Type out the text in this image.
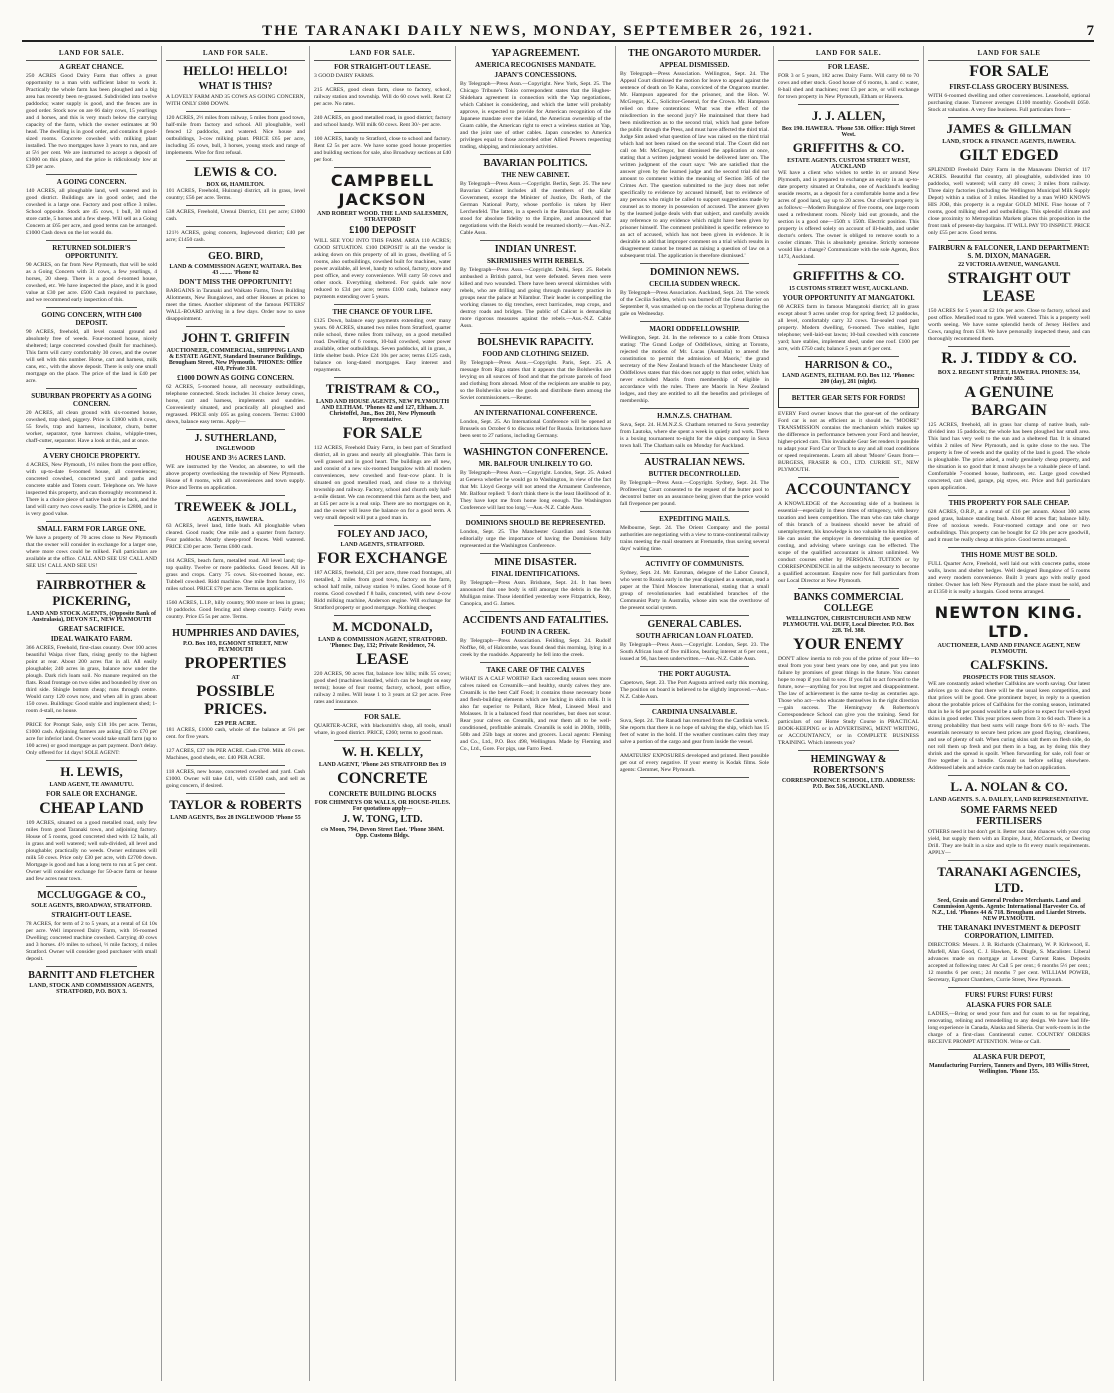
THE TARANAKI DAILY NEWS, MONDAY, SEPTEMBER 26, 1921.	7
LAND FOR SALE.
A GREAT CHANCE.
250 ACRES Good Dairy Farm that offers a great opportunity to a man with sufficient labor to work it. Practically the whole farm has been ploughed and a big area has recently been re-grassed. Subdivided into twelve paddocks; water supply is good, and the fences are in good order. Stock now on are 66 dairy cows, 15 yearlings and 4 horses, and this is very much below the carrying capacity of the farm, which the owner estimates at 90 head. The dwelling is in good order, and contains 8 good-sized rooms. Concrete cowshed with milking plant installed. The two mortgages have 3 years to run, and are at 5½ per cent. We are instructed to accept a deposit of £1000 on this place, and the price is ridiculously low at £39 per acre.
A GOING CONCERN.
140 ACRES, all ploughable land, well watered and in good district. Buildings are in good order, and the cowshed is a large one. Factory and post office 3 miles. School opposite. Stock are 45 cows, 1 bull, 30 mixed store cattle, 5 horses and a few sheep. Will sell as a Going Concern at £65 per acre, and good terms can be arranged. £1000 Cash down on the lot would do.
RETURNED SOLDIER'S OPPORTUNITY.
90 ACRES, on far from New Plymouth, that will be sold as a Going Concern with 31 cows, a few yearlings, 4 horses, 20 sheep. There is a good 4-roomed house, cowshed, etc. We have inspected the place, and it is good value at £30 per acre. £500 Cash required to purchase, and we recommend early inspection of this.
GOING CONCERN, WITH £400 DEPOSIT.
90 ACRES, freehold, all level coastal ground and absolutely free of weeds. Four-roomed house, nicely sheltered; large concreted cowshed (built for machines). This farm will carry comfortably 30 cows, and the owner will sell with this number. Horse, cart and harness, milk cans, etc., with the above deposit. There is only one small mortgage on the place. The price of the land is £40 per acre.
SUBURBAN PROPERTY AS A GOING CONCERN.
20 ACRES, all clean ground with six-roomed house, cowshed, trap shed, piggery. Price is £1800 with 8 cows, 55 fowls, trap and harness, incubator, churn, butter worker, separator, tyne harrows chains, whipple-trees, chaff-cutter, separator. Have a look at this, and at once.
A VERY CHOICE PROPERTY.
4 ACRES, New Plymouth, 1½ miles from the post office, with up-to-date 6-roomed house, all conveniences; concreted cowshed, concreted yard and paths and concrete stable and Totem court. Telephone on. We have inspected this property, and can thoroughly recommend it. There is a choice piece of native bush at the back, and the land will carry two cows easily. The price is £2800, and it is very good value.
SMALL FARM FOR LARGE ONE.
We have a property of 70 acres close to New Plymouth that the owner will consider in exchange for a larger one, where more cows could be milked. Full particulars are available at the office. CALL AND SEE US! CALL AND SEE US! CALL AND SEE US!
FAIRBROTHER & PICKERING,
LAND AND STOCK AGENTS, (Opposite Bank of Australasia), DEVON ST., NEW PLYMOUTH
GREAT SACRIFICE.
IDEAL WAIKATO FARM.
366 ACRES, Freehold, first-class country. Over 100 acres beautiful Waipa river flats, rising gently to the highest point at rear. About 200 acres flat in all. All easily ploughable; 240 acres in grass, balance now under the plough. Dark rich loam soil. No manure required on the flats. Road frontage on two sides and bounded by river on third side. Shingle bottom cheap; runs through centre. Would carry 120 cows now, and when all in grass about 150 cows. Buildings: Good stable and implement shed; 1-room 4-stall, no house.
PRICE for Prompt Sale, only £18 10s per acre. Terms, £1000 cash. Adjoining farmers are asking £30 to £70 per acre for inferior land. Owner would take small farm (up to 100 acres) or good mortgage as part payment. Don't delay. Only offered for 14 days! SOLE AGENT:
H. LEWIS,
LAND AGENT, TE AWAMUTU.
FOR SALE OR EXCHANGE.
CHEAP LAND
109 ACRES, situated on a good metalled road, only few miles from good Taranaki town, and adjoining factory. House of 5 rooms, good concreted shed with 12 bails, all in grass and well watered; well sub-divided, all level and ploughable; practically no weeds. Owner estimates will milk 50 cows. Price only £30 per acre, with £2700 down. Mortgage is good and has a long term to run at 5 per cent. Owner will consider exchange for 50-acre farm or house and few acres near town.
MCCLUGGAGE & CO.,
SOLE AGENTS, BROADWAY, STRATFORD.
STRAIGHT-OUT LEASE.
78 ACRES, for term of 2 to 5 years, at a rental of £4 10s per acre. Well improved Dairy Farm, with 16-roomed Dwelling; concreted machine cowshed. Carrying 40 cows and 3 horses. 4½ miles to school, ½ mile factory, 4 miles Stratford. Owner will consider good purchaser with small deposit.
BARNITT AND FLETCHER
LAND, STOCK AND COMMISSION AGENTS, STRATFORD, P.O. BOX 3.
LAND FOR SALE.
HELLO! HELLO!
WHAT IS THIS?
A LOVELY FARM AND 35 COWS AS GOING CONCERN, WITH ONLY £800 DOWN.
120 ACRES, 2½ miles from railway, 5 miles from good town, half-mile from factory and school. All ploughable, well fenced 12 paddocks, and watered. Nice house and outbuildings, 3-cow milking plant. PRICE £65 per acre, including 35 cows, bull, 3 horses, young stock and range of implements. Wire for first refusal.
LEWIS & CO.
BOX 66, HAMILTON.
101 ACRES, Freehold, Huirangi district, all in grass, level country; £56 per acre. Terms.
538 ACRES, Freehold, Urenui District, £11 per acre; £1000 cash.
121½ ACRES, going concern, Inglewood district; £40 per acre; £1450 cash.
GEO. BIRD,
LAND & COMMISSION AGENT, WAITARA. Box 43 ........ 'Phone 82
DON'T MISS THE OPPORTUNITY!
BARGAINS in Taranaki and Waikato Farms, Town Building Allotments, New Bungalows, and other Houses at prices to meet the times. Another shipment of the famous PETERS' WALL-BOARD arriving in a few days. Order now to save disappointment.
JOHN T. GRIFFIN
AUCTIONEER, COMMERCIAL, SHIPPING LAND & ESTATE AGENT, Standard Insurance Buildings, Brougham Street, New Plymouth. 'PHONES: Office 410, Private 318.
£1000 DOWN AS GOING CONCERN.
62 ACRES, 5-roomed house, all necessary outbuildings, telephone connected. Stock includes 31 choice Jersey cows, horse, cart and harness, implements and sundries. Conveniently situated, and practically all ploughed and regrassed. PRICE only £65 as going concern. Terms: £1000 down, balance easy terms. Apply—
J. SUTHERLAND,
INGLEWOOD
HOUSE AND 3½ ACRES LAND.
WE are instructed by the Vendor, an absentee, to sell the above property overlooking the township of New Plymouth. House of 8 rooms, with all conveniences and town supply. Price and Terms on application.
TREWEEK & JOLL,
AGENTS, HAWERA.
63 ACRES, level land, little bush. All ploughable when cleared. Good roads; One mile and a quarter from factory. Four paddocks. Mostly sheep-proof fences. Well watered. PRICE £30 per acre. Terms £600 cash.
164 ACRES, beach farm, metalled road. All level land; tip-top quality. Twelve or more paddocks. Good fences. All in grass and crops. Carry 75 cows. Six-roomed house, etc. Tubbell cowshed. Ridd machine. One mile from factory, 1½ miles school. PRICE £70 per acre. Terms on application.
1560 ACRES, L.I.P., hilly country, 900 more or less in grass; 10 paddocks. Good fencing and sheep country. Fairly even country. Price £5 5s per acre. Terms.
HUMPHRIES AND DAVIES,
P.O. Box 103, EGMONT STREET, NEW PLYMOUTH
PROPERTIES
AT
POSSIBLE PRICES.
£29 PER ACRE.
181 ACRES, £1000 cash, whole of the balance at 5½ per cent. for five years.
127 ACRES, £37 10s PER ACRE. Cash £700. Milk 40 cows. Machines, good sheds, etc. £40 PER ACRE.
118 ACRES, new house, concreted cowshed and yard. Cash £1000. Owner will take £41, with £1500 cash, and sell as going concern, if desired.
TAYLOR & ROBERTS
LAND AGENTS, Box 28 INGLEWOOD 'Phone 55
LAND FOR SALE.
FOR STRAIGHT-OUT LEASE.
3 GOOD DAIRY FARMS.
215 ACRES, good clean farm, close to factory, school, railway station and township. Will do 60 cows well. Rent £2 per acre. No rates.
240 ACRES, on good metalled road, in good district; factory and school handy. Will milk 60 cows. Rent 30/- per acre.
100 ACRES, handy to Stratford, close to school and factory. Rent £2 5s per acre. We have some good house properties and building sections for sale, also Broadway sections at £40 per foot.
CAMPBELL JACKSON
AND ROBERT WOOD. THE LAND SALESMEN, STRATFORD
£100 DEPOSIT
WILL SEE YOU INTO THIS FARM. AREA 110 ACRES; GOOD SITUATION. £100 DEPOSIT is all the vendor is asking down on this property of all in grass, dwelling of 5 rooms, also outbuildings, cowshed built for machines, water power available, all level, handy to school, factory, store and post office, and every convenience. Will carry 50 cows and other stock. Everything sheltered. For quick sale now reduced to £34 per acre; terms £100 cash, balance easy payments extending over 5 years.
THE CHANCE OF YOUR LIFE.
£125 Down, balance easy payments extending over many years. 60 ACRES, situated two miles from Stratford, quarter mile school, three miles from railway, on a good metalled road. Dwelling of 6 rooms, 10-bail cowshed, water power available, other outbuildings. Seven paddocks, all in grass, a little shelter bush. Price £24 10s per acre; terms £125 cash, balance on long-dated mortgages. Easy interest and repayments.
TRISTRAM & CO.,
LAND AND HOUSE AGENTS, NEW PLYMOUTH AND ELTHAM. 'Phones 82 and 127, Eltham. J. Christoffel, Jun., Box 201, New Plymouth Representative.
FOR SALE
112 ACRES, Freehold Dairy Farm, in best part of Stratford district, all in grass and nearly all ploughable. This farm is well grassed and in good heart. The buildings are all new, and consist of a new six-roomed bungalow with all modern conveniences, new cowshed and four-cow plant. It is situated on good metalled road, and close to a thriving township and railway. Factory, school and church only half-a-mile distant. We can recommend this farm as the best, and at £45 per acre is a real snip. There are no mortgages on it, and the owner will leave the balance on for a good term. A very small deposit will put a good man in.
FOLEY AND JACO,
LAND AGENTS, STRATFORD.
FOR EXCHANGE
187 ACRES, freehold, £31 per acre, three road frontages, all metalled, 2 miles from good town, factory on the farm, school half mile, railway station ½ miles. Good house of 8 rooms. Good cowshed f 8 bails, concreted, with new 4-cow Ridd milking machine, Anderson engine. Will exchange for Stratford property or good mortgage. Nothing cheaper.
M. MCDONALD,
LAND & COMMISSION AGENT, STRATFORD. 'Phones: Day, 132; Private Residence, 74.
LEASE
220 ACRES, 90 acres flat, balance low hills; milk 55 cows; good shed (machines installed, which can be bought on easy terms); house of four rooms; factory, school, post office, railway 2 miles. Will lease 1 to 3 years at £2 per acre. Free rates and insurance.
FOR SALE.
QUARTER-ACRE, with blacksmith's shop, all tools, small whare, in good district. PRICE, £260; terms to good man.
W. H. KELLY,
LAND AGENT, 'Phone 243 STRATFORD Box 19
CONCRETE
CONCRETE BUILDING BLOCKS
FOR CHIMNEYS OR WALLS, OR HOUSE-PILES. For quotations apply—
J. W. TONG, LTD.
c/o Moon, 794, Devon Street East. 'Phone 384M. Opp. Customs Bldgs.
YAP AGREEMENT.
AMERICA RECOGNISES MANDATE.
JAPAN'S CONCESSIONS.
By Telegraph—Press Assn.—Copyright. New York, Sept. 25. The Chicago Tribune's Tokio correspondent states that the Hughes-Shidehara agreement in connection with the Yap negotiations, which Cabinet is considering, and which the latter will probably approve, is expected to provide for American recognition of the Japanese mandate over the island, the American ownership of the Guam cable, the American right to erect a wireless station at Yap, and the joint use of other cables. Japan concedes to America privileges equal to those accorded other Allied Powers respecting trading, shipping, and missionary activities.
BAVARIAN POLITICS.
THE NEW CABINET.
By Telegraph—Press Assn.—Copyright. Berlin, Sept. 25. The new Bavarian Cabinet includes all the members of the Kahr Government, except the Minister of Justice, Dr. Roth, of the German National Party, whose portfolio is taken by Herr Lerchenfeld. The latter, in a speech in the Bavarian Diet, said he stood for absolute fidelity to the Empire, and announced that negotiations with the Reich would be resumed shortly.—Aus.-N.Z. Cable Assn.
INDIAN UNREST.
SKIRMISHES WITH REBELS.
By Telegraph—Press Assn.—Copyright. Delhi, Sept. 25. Rebels ambushed a British patrol, but were defeated. Seven men were killed and two wounded. There have been several skirmishes with rebels, who are drilling and going through musketry practice in groups near the palace at Nilambur. Their leader is compelling the working classes to dig trenches, erect barricades, reap crops, and destroy roads and bridges. The public of Calicut is demanding more rigorous measures against the rebels.—Aus.-N.Z. Cable Assn.
BOLSHEVIK RAPACITY.
FOOD AND CLOTHING SEIZED.
By Telegraph—Press Assn.—Copyright. Paris, Sept. 25. A message from Riga states that it appears that the Bolsheviks are levying on all sources of food and that the private parcels of food and clothing from abroad. Most of the recipients are unable to pay, so the Bolsheviks seize the goods and distribute them among the Soviet commissioners.—Reuter.
AN INTERNATIONAL CONFERENCE.
London, Sept. 25. An International Conference will be opened at Brussels on October 6 to discuss relief for Russia. Invitations have been sent to 27 nations, including Germany.
WASHINGTON CONFERENCE.
MR. BALFOUR UNLIKELY TO GO.
By Telegraph—Press Assn.—Copyright. London, Sept. 25. Asked at Geneva whether he would go to Washington, in view of the fact that Mr. Lloyd George will not attend the Armament Conference, Mr. Balfour replied: 'I don't think there is the least likelihood of it. They have kept me from home long enough. The Washington Conference will last too long.'—Aus.-N.Z. Cable Assn.
DOMINIONS SHOULD BE REPRESENTED.
London, Sept. 25. The Manchester Guardian and Scotsman editorially urge the importance of having the Dominions fully represented at the Washington Conference.
MINE DISASTER.
FINAL IDENTIFICATIONS.
By Telegraph—Press Assn. Brisbane, Sept. 24. It has been announced that one body is still amongst the debris in the Mt. Mulligan mine. Those identified yesterday were Fitzpatrick, Reay, Canopica, and G. James.
ACCIDENTS AND FATALITIES.
FOUND IN A CREEK.
By Telegraph—Press Association. Feilding, Sept. 24. Rudolf Noffke, 60, of Halcombe, was found dead this morning, lying in a creek by the roadside. Apparently he fell into the creek.
TAKE CARE OF THE CALVES
WHAT IS A CALF WORTH? Each succeeding season sees more calves raised on Ccreamilk—and healthy, sturdy calves they are. Creamilk is the best Calf Food; it contains those necessary bone and flesh-building elements which are lacking in skim milk. It is also far superior to Pollard, Rice Meal, Linseed Meal and Molasses. It is a balanced food that nourishes, but does not scour. Rear your calves on Creamilk, and rear them all to be well-conditioned, profitable animals. Creamilk is sold in 200lb, 100lb, 50lb and 25lb bags at stores and grocers. Local agents: Fleming and Co., Ltd., P.O. Box 498, Wellington. Made by Fleming and Co., Ltd., Gore. For pigs, use Farro Feed.
THE ONGAROTO MURDER.
APPEAL DISMISSED.
By Telegraph—Press Association. Wellington, Sept. 24. The Appeal Court dismissed the motion for leave to appeal against the sentence of death on Te Kahu, convicted of the Ongaroto murder. Mr. Hampson appeared for the prisoner, and the Hon. W. McGregor, K.C., Solicitor-General, for the Crown. Mr. Hampson relied on three contentions: What was the effect of the misdirection in the second jury? He maintained that there had been misdirection as to the second trial, which had gone before the public through the Press, and must have affected the third trial. Judge Sim asked what question of law was raised on the third trial which had not been raised on the second trial. The Court did not call on Mr. McGregor, but dismissed the application at once, stating that a written judgment would be delivered later on. The written judgment of the court says: 'We are satisfied that the answer given by the learned judge and the second trial did not amount to comment within the meaning of Section 385 of the Crimes Act. The question submitted to the jury does not refer specifically to evidence by accused himself, but to evidence of any persons who might be called to support suggestions made by counsel as to money in possession of accused. The answer given by the learned judge deals with that subject, and carefully avoids any reference to any evidence which might have been given by prisoner himself. The comment prohibited is specific reference to an act of accused, which has not been given in evidence. It is desirable to add that improper comment on a trial which results in disagreement cannot be treated as raising a question of law on a subsequent trial. The application is therefore dismissed.'
DOMINION NEWS.
CECILIA SUDDEN WRECK.
By Telegraph—Press Association. Auckland, Sept. 24. The wreck of the Cecilia Sudden, which was burned off the Great Barrier on September 8, was smashed up on the rocks at Tryphena during the gale on Wednesday.
MAORI ODDFELLOWSHIP.
Wellington, Sept. 24. In the reference to a cable from Ottawa stating: 'The Grand Lodge of Oddfellows, sitting at Toronto, rejected the motion of Mr. Lucas (Australia) to amend the constitution to permit the admission of Maoris,' the grand secretary of the New Zealand branch of the Manchester Unity of Oddfellows states that this does not apply to that order, which has never excluded Maoris from membership of eligible in accordance with the rules. There are Maoris in New Zealand lodges, and they are entitled to all the benefits and privileges of membership.
H.M.N.Z.S. CHATHAM.
Suva, Sept. 24. H.M.N.Z.S. Chatham returned to Suva yesterday from Lautoka, where she spent a week in quietly and work. There is a boxing tournament to-night for the ships company in Suva town hall. The Chatham sails on Monday for Auckland.
AUSTRALIAN NEWS.
BUTTER DECONTROLLED.
By Telegraph—Press Assn.—Copyright. Sydney, Sept. 24. The Profiteering Court consented to the request of the butter pool to decontrol butter on an assurance being given that the price would fall fivepence per pound.
EXPEDITING MAILS.
Melbourne, Sept. 24. The Orient Company and the postal authorities are negotiating with a view to trans-continental railway trains meeting the mail steamers at Fremantle, thus saving several days' waiting time.
ACTIVITY OF COMMUNISTS.
Sydney, Sept. 24. Mr. Earsman, delegate of the Labor Council, who went to Russia early in the year disguised as a seaman, read a paper at the Third Moscow International, stating that a small group of revolutionaries had established branches of the Communist Party in Australia, whose aim was the overthrow of the present social system.
GENERAL CABLES.
SOUTH AFRICAN LOAN FLOATED.
By Telegraph—Press Assn.—Copyright. London, Sept. 23. The South African loan of five millions, bearing interest at 6 per cent., issued at 96, has been underwritten.—Aus.-N.Z. Cable Assn.
THE PORT AUGUSTA.
Capetown, Sept. 23. The Port Augusta arrived early this morning. The position on board is believed to be slightly improved.—Aus.-N.Z. Cable Assn.
CARDINIA UNSALVABLE.
Suva, Sept. 24. The Ranadi has returned from the Cardinia wreck. She reports that there is no hope of salving the ship, which has 15 feet of water in the hold. If the weather continues calm they may salve a portion of the cargo and gear from inside the vessel.
AMATEURS' EXPOSURES developed and printed. Best possible get out of every negative. If your enemy is Kodak films. Sole agents: Clemmet, New Plymouth.
LAND FOR SALE.
FOR LEASE.
FOR 3 or 5 years, 182 acres Dairy Farm. Will carry 60 to 70 cows and other stock. Good house of 6 rooms, h. and c. water, 8-bail shed and machines; rent £3 per acre, or will exchange for town property in New Plymouth, Eltham or Hawera.
J. J. ALLEN,
Box 190. HAWERA. 'Phone 538. Office: High Street West.
GRIFFITHS & CO.
ESTATE AGENTS. CUSTOM STREET WEST, AUCKLAND
WE have a client who wishes to settle in or around New Plymouth, and is prepared to exchange an equity in an up-to-date property situated at Otahuhu, one of Auckland's leading seaside resorts, as a deposit for a comfortable home and a few acres of good land, say up to 20 acres. Our client's property is as follows:—Modern Bungalow of five rooms, one large room used a refreshment room. Nicely laid out grounds, and the section is a good one—150ft x 150ft. Electric position. This property is offered solely on account of ill-health, and under doctor's orders. The owner is obliged to remove south to a cooler climate. This is absolutely genuine. Strictly someone would like a change? Communicate with the sole Agents, Box 1473, Auckland.
GRIFFITHS & CO.
15 CUSTOMS STREET WEST, AUCKLAND.
YOUR OPPORTUNITY AT MANGATOKI.
60 ACRES farm in famous Mangatoki district; all in grass except about 9 acres under crop for spring feed; 12 paddocks, all level, comfortably carry 32 cows. Tar-sealed road past property. Modern dwelling, 6-roomed. Two stables, light telephone; well-laid-out lawns; 10-bail cowshed with concrete yard; hare stables, implement shed, under one roof. £100 per acre, with £750 cash; balance 5 years at 6 per cent.
HARRISON & CO.,
LAND AGENTS, ELTHAM. P.O. Box 112. 'Phones: 200 (day), 281 (night).
BETTER GEAR SETS FOR FORDS!
EVERY Ford owner knows that the gear-set of the ordinary Ford car is not as efficient as it should be. "MOORE" TRANSMISSION contains the mechanism which makes up the difference in performance between your Ford and heavier, higher-priced cars. This invaluable Gear Set renders it possible to adapt your Ford Car or Truck to any and all road conditions or speed requirements. Learn all about 'Moore' Gears from— BURGESS, FRASER & CO., LTD. CURRIE ST., NEW PLYMOUTH.
ACCOUNTANCY
A KNOWLEDGE of the Accounting side of a business is essential—especially in these times of stringency, with heavy taxation and keen competition. The man who can take charge of this branch of a business should never be afraid of unemployment, his knowledge is too valuable to his employer. He can assist the employer in determining the question of costing, and advising where savings can be effected. The scope of the qualified accountant is almost unlimited. We conduct courses either by PERSONAL TUITION or by CORRESPONDENCE in all the subjects necessary to become a qualified accountant. Enquire now for full particulars from our Local Director at New Plymouth.
BANKS COMMERCIAL COLLEGE
WELLINGTON, CHRISTCHURCH AND NEW PLYMOUTH. VAL DUFF, Local Director. P.O. Box 228. Tel. 388.
YOUR ENEMY
DON'T allow inertia to rob you of the prime of your life—to steal from you your best years one by one, and put you into failure by promises of great things in the future. You cannot hope to reap if you fail to sow. If you fail to act forward to the future, now—anything for you but regret and disappointment. The law of achievement is the same to-day as centuries ago. Those who act—who educate themselves in the right direction—gain success. The Hemingway & Robertson's Correspondence School can give you the training. Send for particulars of our Home Study Course in PRACTICAL BOOK-KEEPING or in ADVERTISING, MENT WRITING, or ACCOUNTANCY, or in COMPLETE BUSINESS TRAINING. Which interests you?
HEMINGWAY & ROBERTSON'S
CORRESPONDENCE SCHOOL, LTD. ADDRESS: P.O. Box 516, AUCKLAND.
LAND FOR SALE
FOR SALE
FIRST-CLASS GROCERY BUSINESS.
WITH 6-roomed dwelling and other conveniences. Leasehold, optional purchasing clause. Turnover averages £1100 monthly. Goodwill £650. Stock at valuation. A very fine business. Full particulars from—
JAMES & GILLMAN
LAND, STOCK & FINANCE AGENTS, HAWERA.
GILT EDGED
SPLENDID Freehold Dairy Farm in the Manawatu District of 117 ACRES. Beautiful flat country, all ploughable, subdivided into 10 paddocks, well watered; will carry 40 cows; 3 miles from railway. Three dairy factories (including the Wellington Municipal Milk Supply Depot) within a radius of 3 miles. Handled by a man WHO KNOWS HIS JOB, this property is a regular GOLD MINE. Fine house of 7 rooms, good milking shed and outbuildings. This splendid climate and close proximity to Metropolitan Markets places this proposition in the front rank of present-day bargains. IT WILL PAY TO INSPECT. PRICE only £55 per acre. Good terms.
FAIRBURN & FALCONER, LAND DEPARTMENT: S. M. DIXON, MANAGER.
22 VICTORIA AVENUE, WANGANUI.
STRAIGHT OUT LEASE
150 ACRES for 5 years at £2 10s per acre. Close to factory, school and post office. Metalled road to gate. Well watered. This is a property well worth seeing. We have some splendid herds of Jersey Heifers and Cows, ranging from £18. We have personally inspected these, and can thoroughly recommend them.
R. J. TIDDY & CO.
BOX 2. REGENT STREET, HAWERA. PHONES: 354, Private 383.
A GENUINE BARGAIN
125 ACRES, freehold, all in grass bar clump of native bush, sub-divided into 15 paddocks; the whole has been ploughed bar small area. This land has very well to the sun and a sheltered flat. It is situated within 2 miles of New Plymouth, and is quite close to the sea. The property is free of weeds and the quality of the land is good. The whole is ploughable. The price asked, a really genuinely cheap property, and the situation is so good that it must always be a valuable piece of land. Comfortable 7-roomed house, bathroom, etc. Large good cowshed concreted, cart shed, garage, pig styes, etc. Price and full particulars upon application.
THIS PROPERTY FOR SALE CHEAP.
628 ACRES, O.R.P., at a rental of £16 per annum. About 300 acres good grass, balance standing bush. About 80 acres flat; balance hilly. Free of noxious weeds. Four-roomed cottage and one or two outbuildings. This property can be bought for £2 10s per acre goodwill, and it must be really cheap at this price. Good terms arranged.
THIS HOME MUST BE SOLD.
FULL Quarter Acre, Freehold, well laid out with concrete paths, stone walls, lawns and shelter hedges. Well designed Bungalow of 5 rooms and every modern convenience. Built 3 years ago with really good timber. Owner has left New Plymouth and the place must be sold, and at £1350 it is really a bargain. Good terms arranged.
NEWTON KING. LTD.
AUCTIONEER, LAND AND FINANCE AGENT, NEW PLYMOUTH.
CALFSKINS.
PROSPECTS FOR THIS SEASON.
WE are constantly asked whether Calfskins are worth saving. Our latest advices go to show that there will be the usual keen competition, and that prices will be good. One prominent buyer, in reply to a question about the probable prices of Calfskins for the coming season, intimated that in he is 6d per pound would be a safe price to expect for well-dryed skins in good order. This year prices seem from 3 to 6d each. There is a strong probability that best sorts will range from 6/6 to 8/- each. The essentials necessary to secure best prices are good flaying, cleanliness, and use of plenty of salt. When curing skins salt them on flesh side, do not roll them up fresh and put them in a bag, as by doing this they shrink and the spread is spoilt. When forwarding for sale, roll four or five together in a bundle. Consult us before selling elsewhere. Addressed labels and advice cards may be had on application.
L. A. NOLAN & CO.
LAND AGENTS. S. A. DAILEY, LAND REPRESENTATIVE.
SOME FARMS NEED FERTILISERS
OTHERS need it but don't get it. Better not take chances with your crop yield, but supply them with an Empire, Juur, McCormack, or Deering Drill. They are built in a size and style to fit every man's requirements. APPLY—
TARANAKI AGENCIES, LTD.
Seed, Grain and General Produce Merchants. Land and Commission Agents. Agents: International Harvester Co. of N.Z., Ltd. 'Phones 44 & 718. Brougham and Liardet Streets. NEW PLYMOUTH.
THE TARANAKI INVESTMENT & DEPOSIT CORPORATION, LIMITED.
DIRECTORS: Messrs. J. B. Richards (Chairman), W. P. Kirkwood, E. Marfell, Alan Good, C. J. Hawken, R. Dingle, S. Macalister. Liberal advances made on mortgage at Lowest Current Rates. Deposits accepted at following rates: At Call 5 per cent.; 6 months 5½ per cent.; 12 months 6 per cent.; 24 months 7 per cent. WILLIAM POWER, Secretary, Egmont Chambers, Currie Street, New Plymouth.
FURS! FURS! FURS! FURS!
ALASKA FURS FOR SALE
LADIES,—Bring or send your furs and fur coats to us for repairing, renovating, relining and remodelling to any design. We have had life-long experience in Canada, Alaska and Siberia. Our work-room is in the charge of a first-class Continental cutter. COUNTRY ORDERS RECEIVE PROMPT ATTENTION. Write or Call.
ALASKA FUR DEPOT,
Manufacturing Furriers, Tanners and Dyers, 103 Willis Street, Wellington. 'Phone 155.
